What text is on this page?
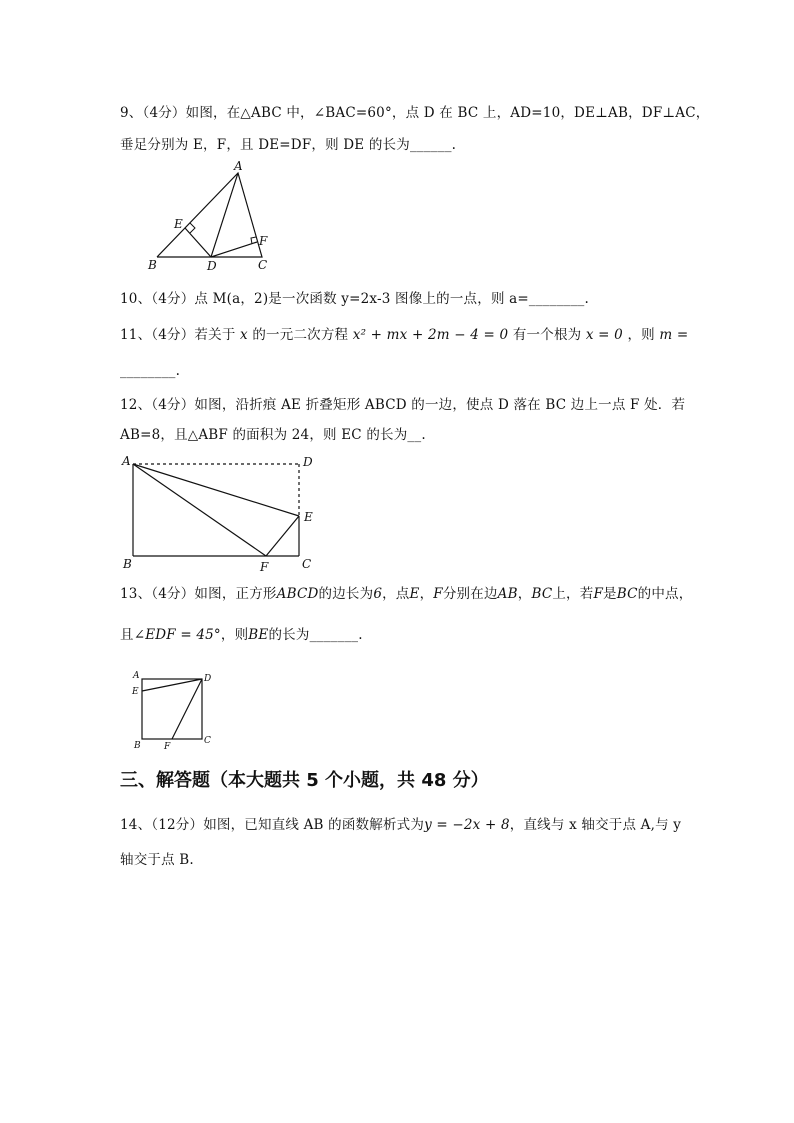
9、（4分）如图，在△ABC 中，∠BAC=60°，点 D 在 BC 上，AD=10，DE⊥AB，DF⊥AC，
垂足分别为 E，F，且 DE=DF，则 DE 的长为______.
A
B	C
D
E
F
10、（4分）点 M(a，2)是一次函数 y=2x-3 图像上的一点，则 a=________.
11、（4分）若关于 x 的一元二次方程 x² + mx + 2m − 4 = 0 有一个根为 x = 0 ，则 m =
________.
12、（4分）如图，沿折痕 AE 折叠矩形 ABCD 的一边，使点 D 落在 BC 边上一点 F 处．若
AB=8，且△ABF 的面积为 24，则 EC 的长为__.
A	D
E
B	F	C
13、（4分）如图，正方形ABCD的边长为6，点E，F分别在边AB，BC上，若F是BC的中点，
且∠EDF = 45°，则BE的长为_______.
A
E
D
B	F
C
三、解答题（本大题共 5 个小题，共 48 分）
14、（12分）如图，已知直线 AB 的函数解析式为y = −2x + 8，直线与 x 轴交于点 A,与 y
轴交于点 B.
